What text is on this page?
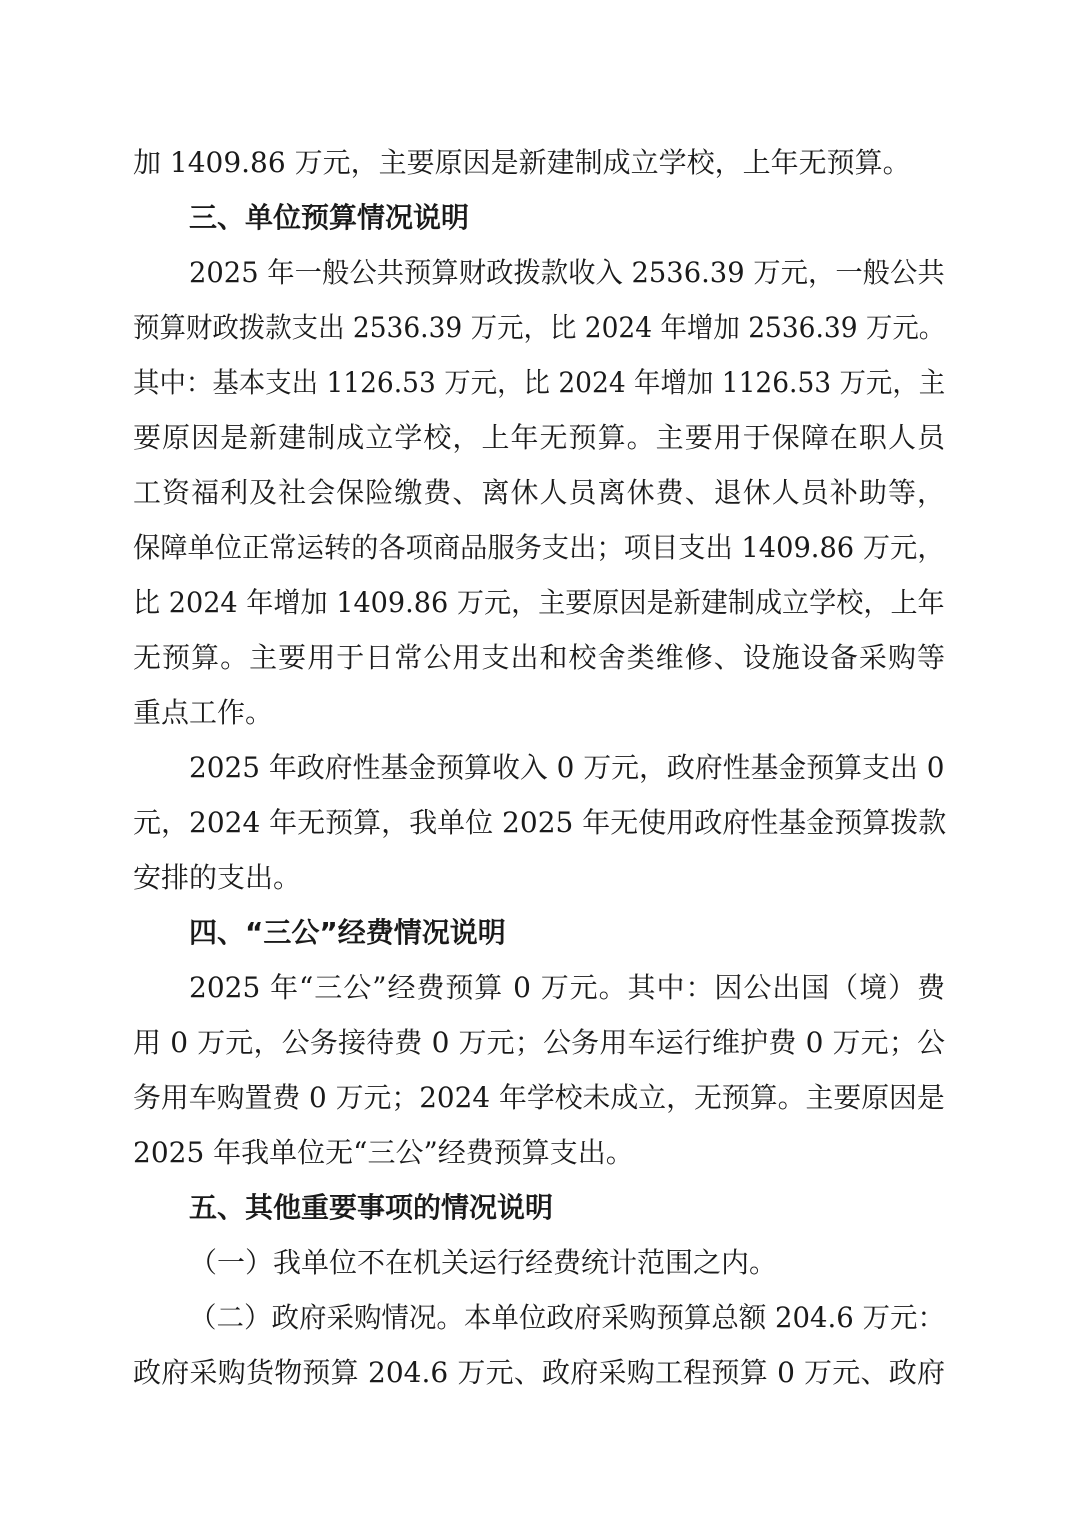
加 1409.86 万元，主要原因是新建制成立学校，上年无预算。
三、单位预算情况说明
2025 年一般公共预算财政拨款收入 2536.39 万元，一般公共
预算财政拨款支出 2536.39 万元，比 2024 年增加 2536.39 万元。
其中：基本支出 1126.53 万元，比 2024 年增加 1126.53 万元，主
要原因是新建制成立学校，上年无预算。主要用于保障在职人员
工资福利及社会保险缴费、离休人员离休费、退休人员补助等，
保障单位正常运转的各项商品服务支出；项目支出 1409.86 万元，
比 2024 年增加 1409.86 万元，主要原因是新建制成立学校，上年
无预算。主要用于日常公用支出和校舍类维修、设施设备采购等
重点工作。
2025 年政府性基金预算收入 0 万元，政府性基金预算支出 0
元，2024 年无预算，我单位 2025 年无使用政府性基金预算拨款
安排的支出。
四、“三公”经费情况说明
2025 年“三公”经费预算 0 万元。其中：因公出国（境）费
用 0 万元，公务接待费 0 万元；公务用车运行维护费 0 万元；公
务用车购置费 0 万元；2024 年学校未成立，无预算。主要原因是
2025 年我单位无“三公”经费预算支出。
五、其他重要事项的情况说明
（一）我单位不在机关运行经费统计范围之内。
（二）政府采购情况。本单位政府采购预算总额 204.6 万元：
政府采购货物预算 204.6 万元、政府采购工程预算 0 万元、政府
